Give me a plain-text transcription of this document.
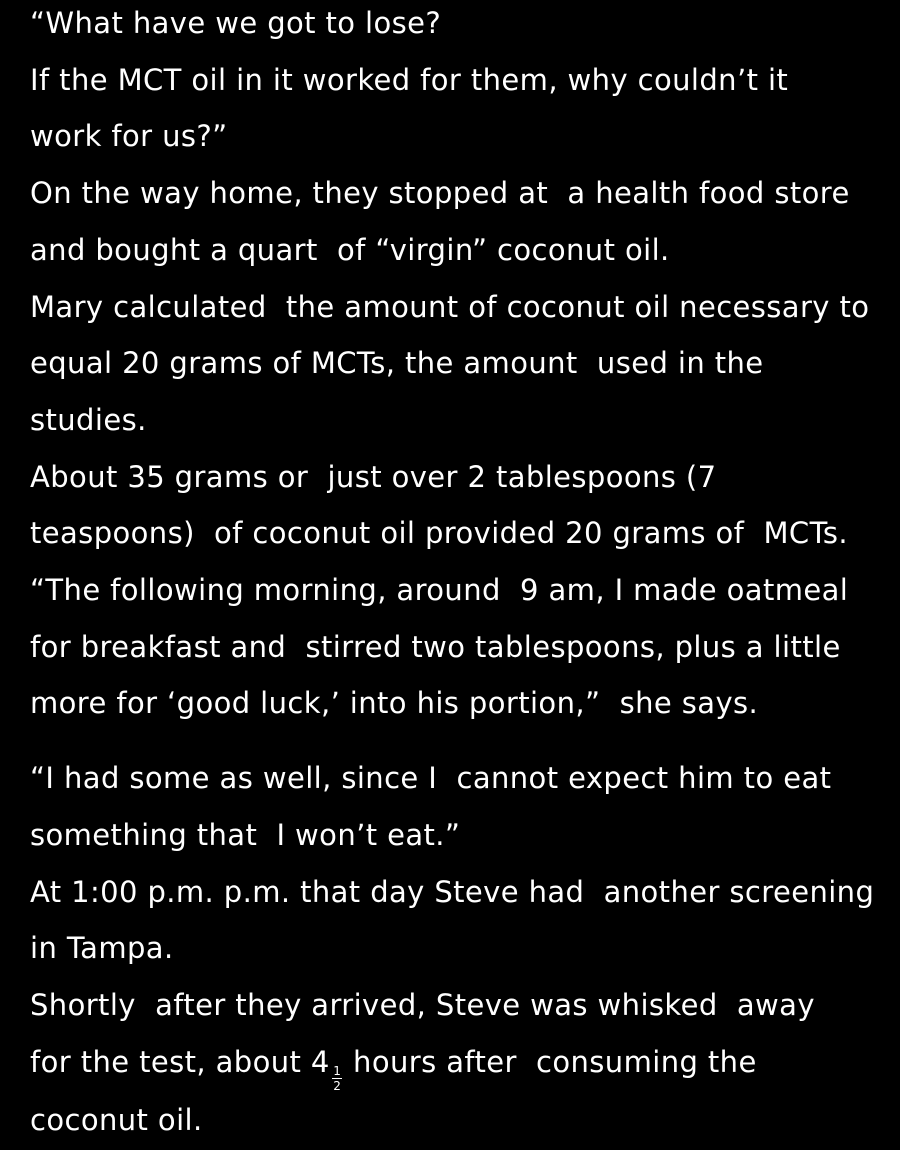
“What have we got to lose?
If the MCT oil in it worked for them, why couldn’t it
work for us?”
On the way home, they stopped at  a health food store
and bought a quart  of “virgin” coconut oil.
Mary calculated  the amount of coconut oil necessary to
equal 20 grams of MCTs, the amount  used in the
studies.
About 35 grams or  just over 2 tablespoons (7
teaspoons)  of coconut oil provided 20 grams of  MCTs.
“The following morning, around  9 am, I made oatmeal
for breakfast and  stirred two tablespoons, plus a little
more for ‘good luck,’ into his portion,”  she says.
“I had some as well, since I  cannot expect him to eat
something that  I won’t eat.”
At 1:00 p.m. p.m. that day Steve had  another screening
in Tampa.
Shortly  after they arrived, Steve was whisked  away
for the test, about $4 \frac{1}{2}$ hours after  consuming the
coconut oil.
